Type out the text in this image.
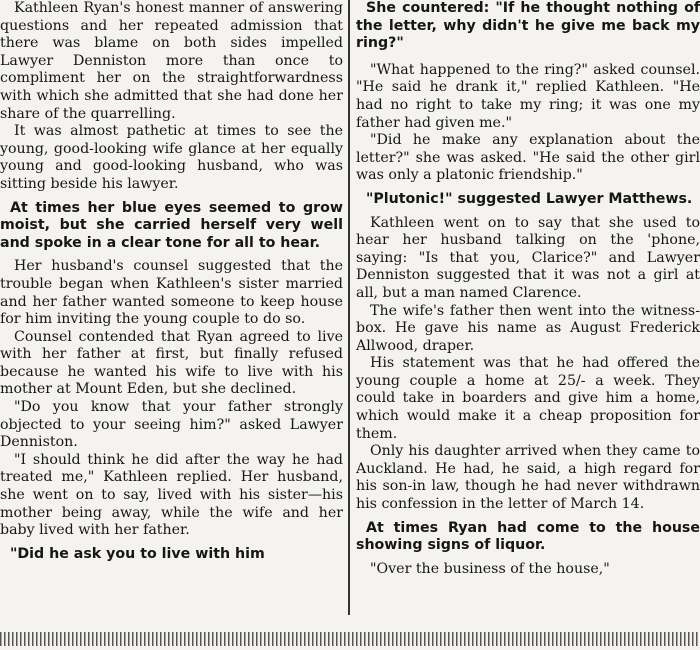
Kathleen Ryan's honest manner of answering questions and her repeated admission that there was blame on both sides impelled Lawyer Denniston more than once to compliment her on the straightforwardness with which she admitted that she had done her share of the quarrelling.

It was almost pathetic at times to see the young, good-looking wife glance at her equally young and good-looking husband, who was sitting beside his lawyer.

At times her blue eyes seemed to grow moist, but she carried herself very well and spoke in a clear tone for all to hear.

Her husband's counsel suggested that the trouble began when Kathleen's sister married and her father wanted someone to keep house for him inviting the young couple to do so.

Counsel contended that Ryan agreed to live with her father at first, but finally refused because he wanted his wife to live with his mother at Mount Eden, but she declined.

"Do you know that your father strongly objected to your seeing him?" asked Lawyer Denniston.

"I should think he did after the way he had treated me," Kathleen replied. Her husband, she went on to say, lived with his sister—his mother being away, while the wife and her baby lived with her father.

"Did he ask you to live with him

She countered: "If he thought nothing of the letter, why didn't he give me back my ring?"

"What happened to the ring?" asked counsel. "He said he drank it," replied Kathleen. "He had no right to take my ring; it was one my father had given me."

"Did he make any explanation about the letter?" she was asked. "He said the other girl was only a platonic friendship."

"Plutonic!" suggested Lawyer Matthews.

Kathleen went on to say that she used to hear her husband talking on the 'phone, saying: "Is that you, Clarice?" and Lawyer Denniston suggested that it was not a girl at all, but a man named Clarence.

The wife's father then went into the witness-box. He gave his name as August Frederick Allwood, draper.

His statement was that he had offered the young couple a home at 25/- a week. They could take in boarders and give him a home, which would make it a cheap proposition for them.

Only his daughter arrived when they came to Auckland. He had, he said, a high regard for his son-in law, though he had never withdrawn his confession in the letter of March 14.

At times Ryan had come to the house showing signs of liquor.

"Over the business of the house,"
